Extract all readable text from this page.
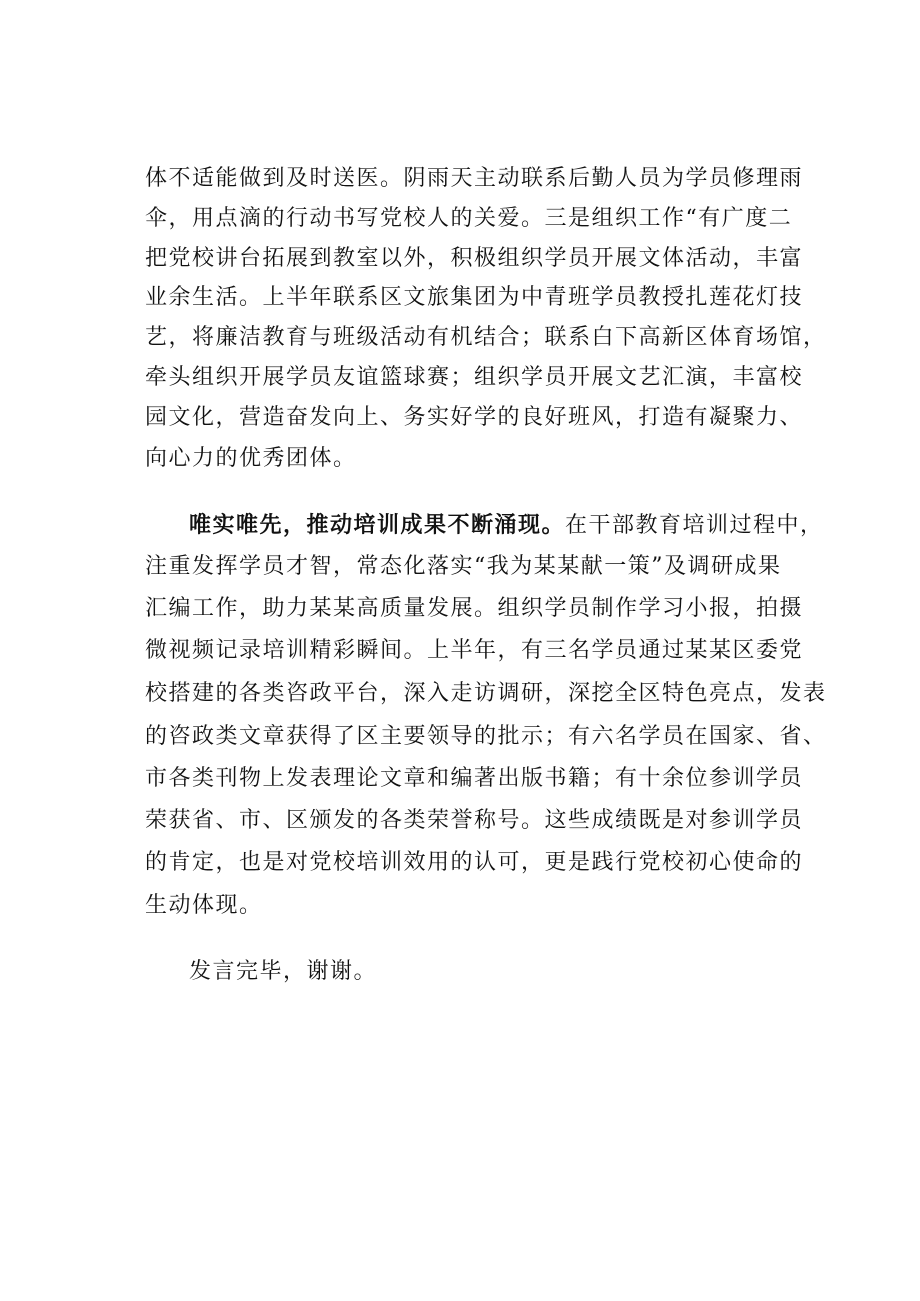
体不适能做到及时送医。阴雨天主动联系后勤人员为学员修理雨
伞，用点滴的行动书写党校人的关爱。三是组织工作“有广度二
把党校讲台拓展到教室以外，积极组织学员开展文体活动，丰富
业余生活。上半年联系区文旅集团为中青班学员教授扎莲花灯技
艺，将廉洁教育与班级活动有机结合；联系白下高新区体育场馆，
牵头组织开展学员友谊篮球赛；组织学员开展文艺汇演，丰富校
园文化，营造奋发向上、务实好学的良好班风，打造有凝聚力、
向心力的优秀团体。
唯实唯先，推动培训成果不断涌现。在干部教育培训过程中，
注重发挥学员才智，常态化落实“我为某某献一策”及调研成果
汇编工作，助力某某高质量发展。组织学员制作学习小报，拍摄
微视频记录培训精彩瞬间。上半年，有三名学员通过某某区委党
校搭建的各类咨政平台，深入走访调研，深挖全区特色亮点，发表
的咨政类文章获得了区主要领导的批示；有六名学员在国家、省、
市各类刊物上发表理论文章和编著出版书籍；有十余位参训学员
荣获省、市、区颁发的各类荣誉称号。这些成绩既是对参训学员
的肯定，也是对党校培训效用的认可，更是践行党校初心使命的
生动体现。
发言完毕，谢谢。
